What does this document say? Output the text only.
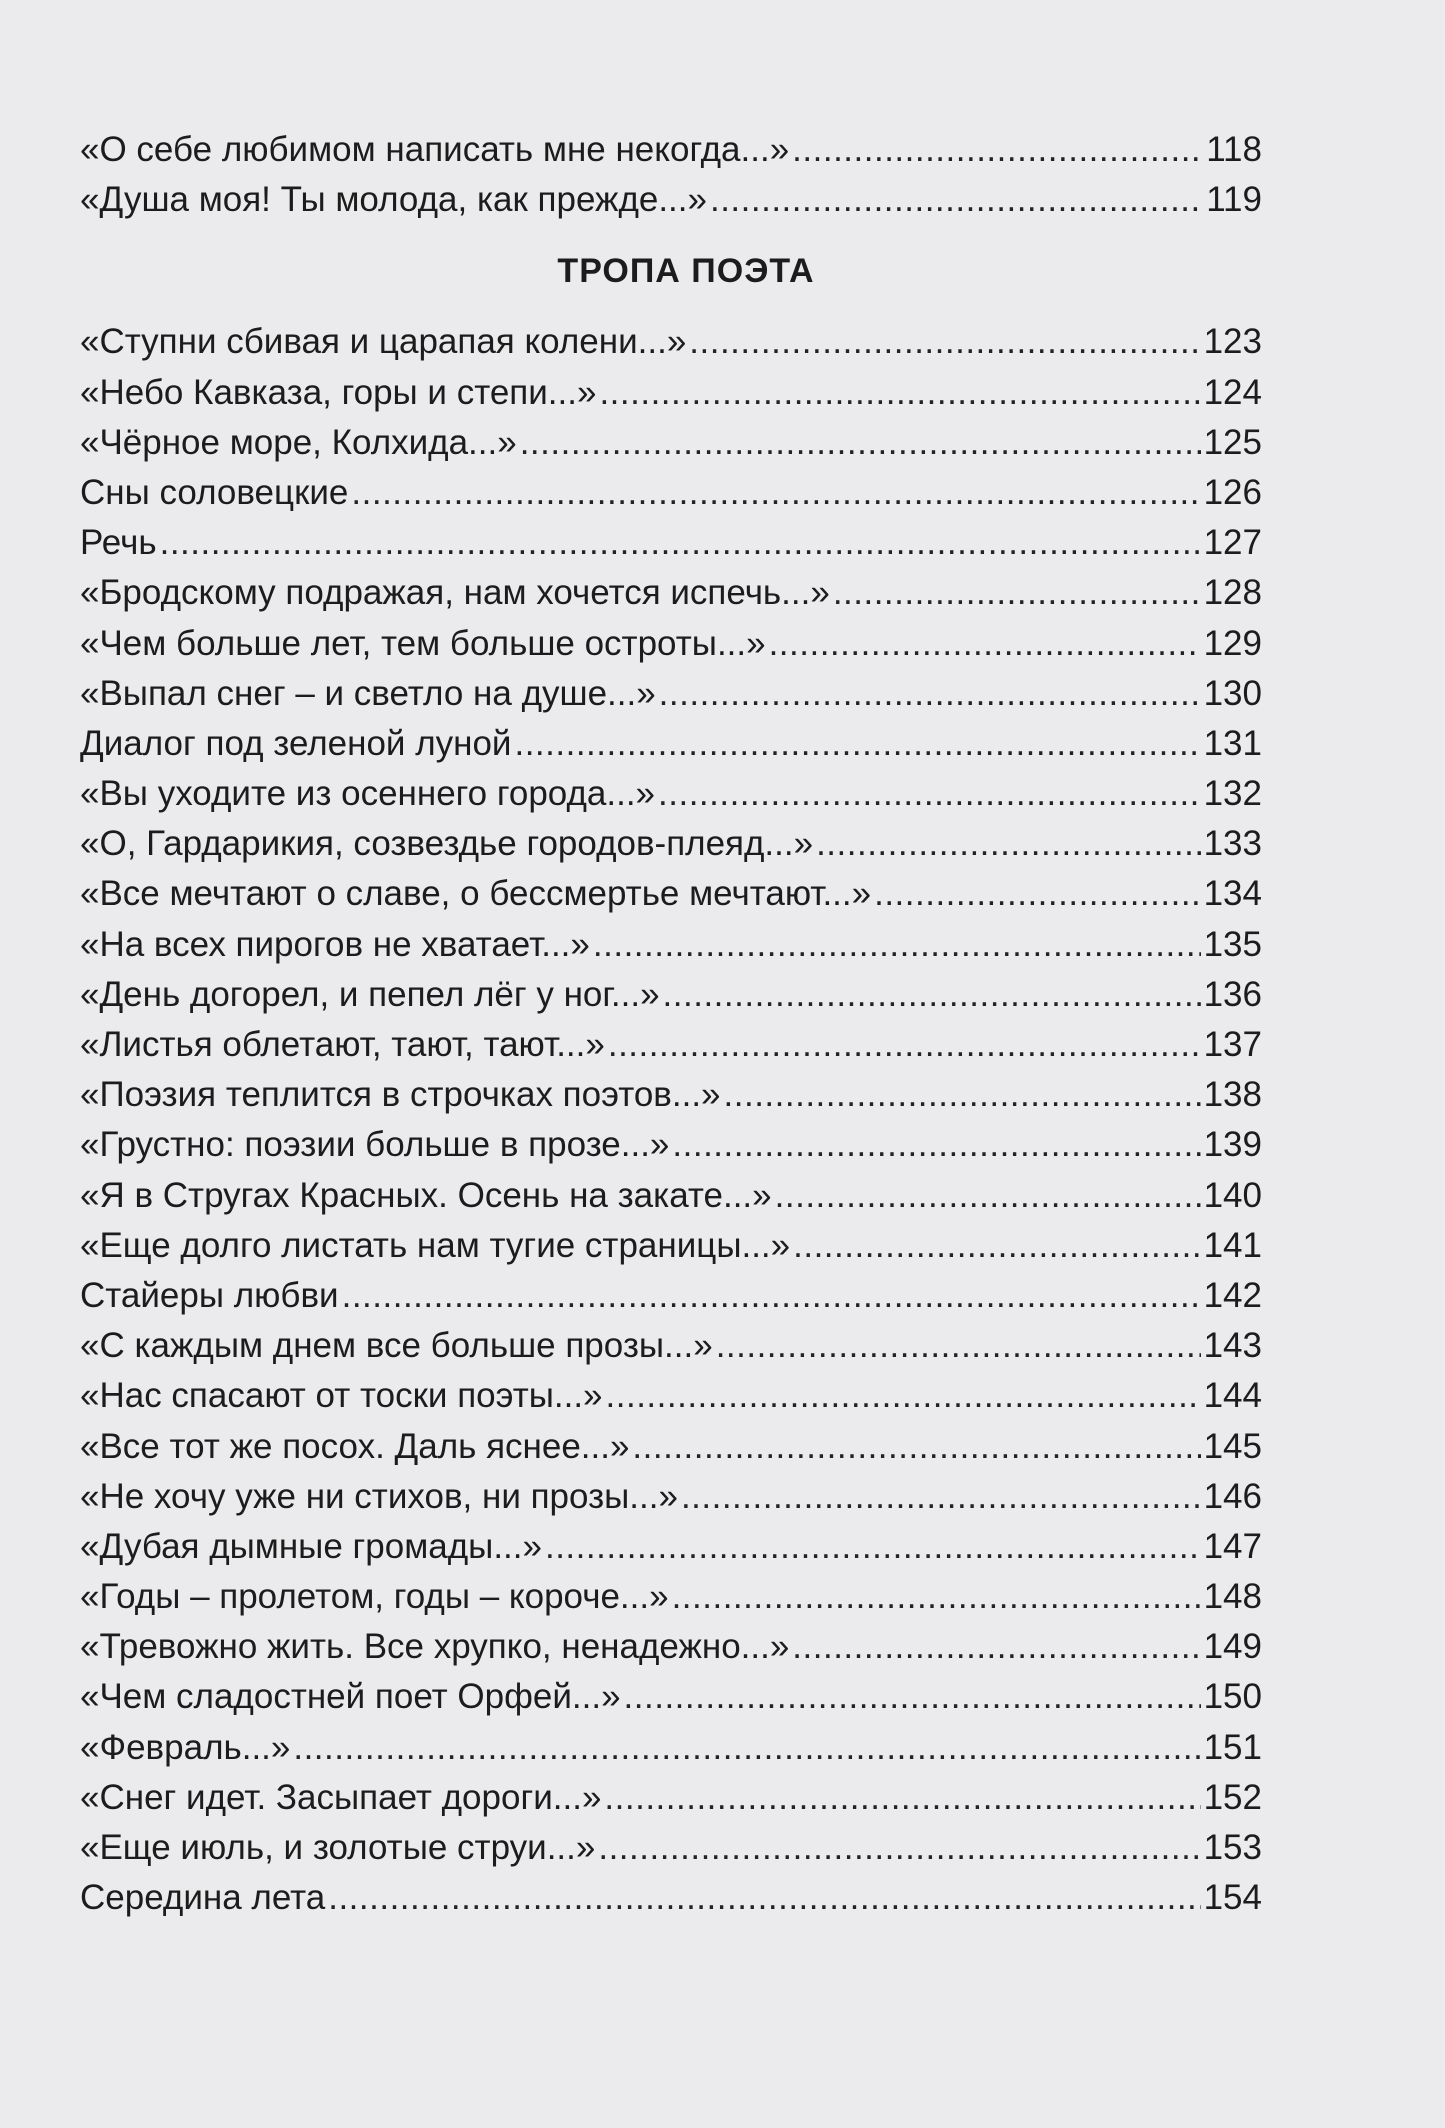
«О себе любимом написать мне некогда...» .....	118
«Душа моя! Ты молода, как прежде...» .....	119
ТРОПА ПОЭТА
«Ступни сбивая и царапая колени...» .....	123
«Небо Кавказа, горы и степи...» .....	124
«Чёрное море, Колхида...» .....	125
Сны соловецкие .....	126
Речь .....	127
«Бродскому подражая, нам хочется испечь...» .....	128
«Чем больше лет, тем больше остроты...» .....	129
«Выпал снег – и светло на душе...» .....	130
Диалог под зеленой луной .....	131
«Вы уходите из осеннего города...» .....	132
«О, Гардарикия, созвездье городов-плеяд...» .....	133
«Все мечтают о славе, о бессмертье мечтают...» .....	134
«На всех пирогов не хватает...» .....	135
«День догорел, и пепел лёг у ног...» .....	136
«Листья облетают, тают, тают...» .....	137
«Поэзия теплится в строчках поэтов...» .....	138
«Грустно: поэзии больше в прозе...» .....	139
«Я в Стругах Красных. Осень на закате...» .....	140
«Еще долго листать нам тугие страницы...» .....	141
Стайеры любви .....	142
«С каждым днем все больше прозы...» .....	143
«Нас спасают от тоски поэты...» .....	144
«Все тот же посох. Даль яснее...» .....	145
«Не хочу уже ни стихов, ни прозы...» .....	146
«Дубая дымные громады...» .....	147
«Годы – пролетом, годы – короче...» .....	148
«Тревожно жить. Все хрупко, ненадежно...» .....	149
«Чем сладостней поет Орфей...» .....	150
«Февраль...» .....	151
«Снег идет. Засыпает дороги...» .....	152
«Еще июль, и золотые струи...» .....	153
Середина лета .....	154
